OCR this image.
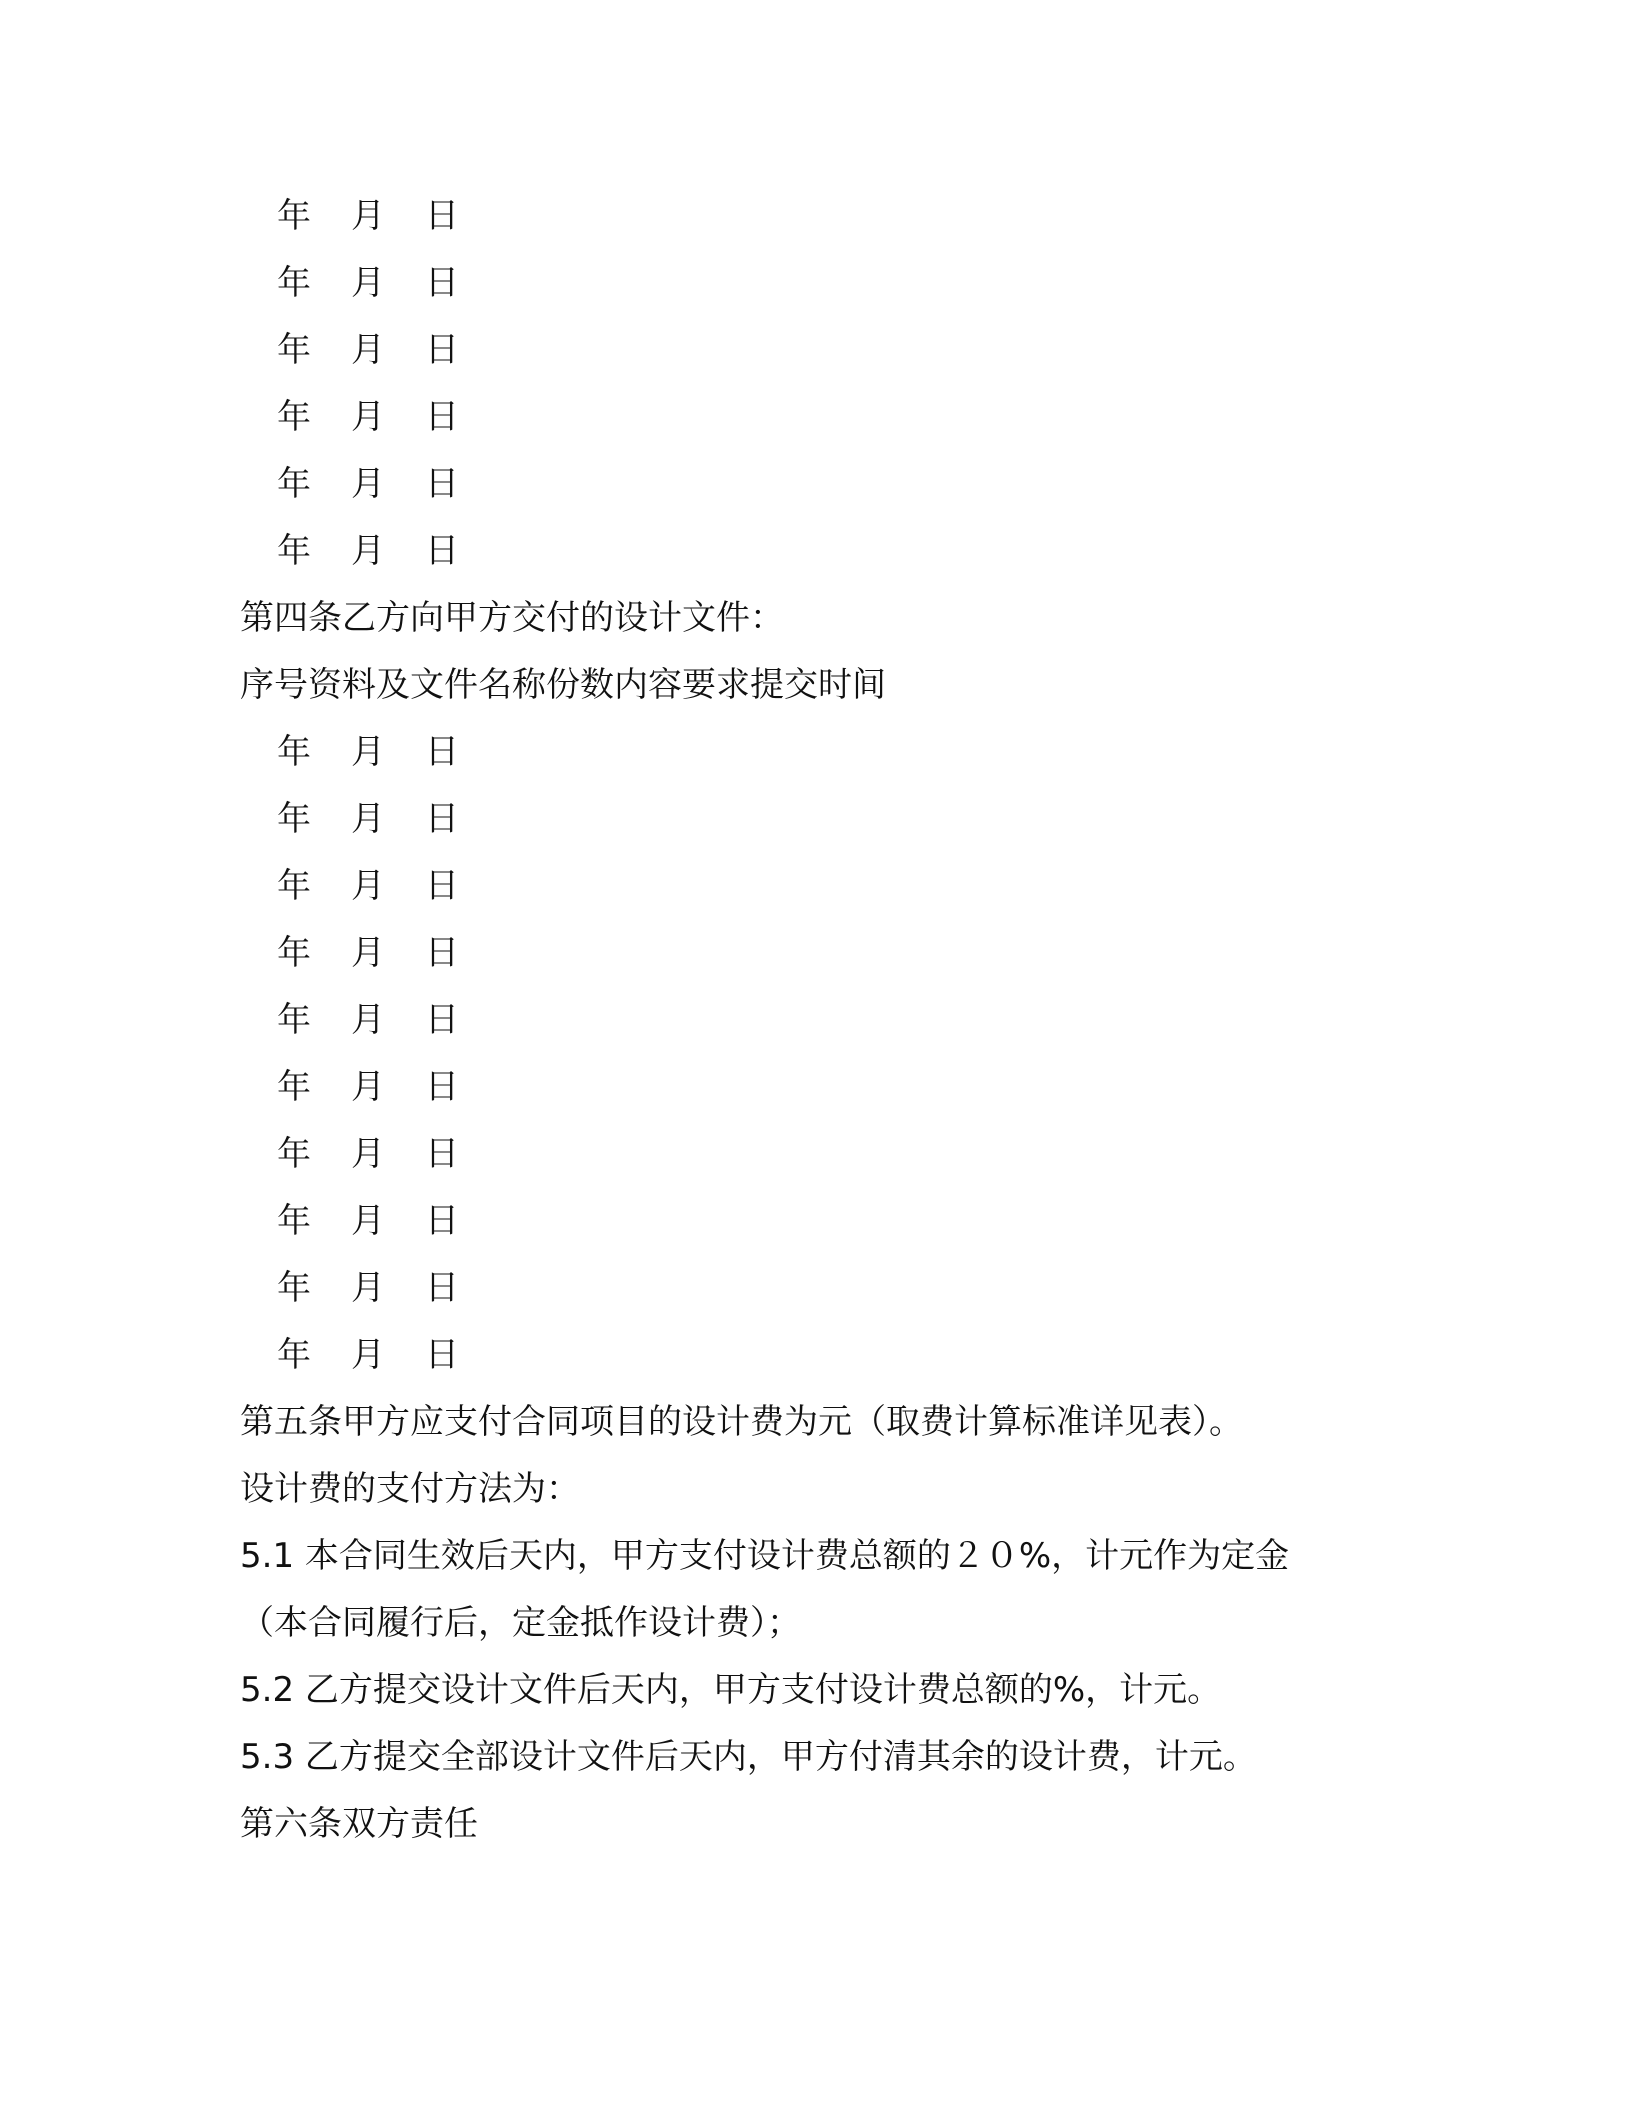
年 月 日
年 月 日
年 月 日
年 月 日
年 月 日
年 月 日
第四条乙方向甲方交付的设计文件：
序号资料及文件名称份数内容要求提交时间
年 月 日
年 月 日
年 月 日
年 月 日
年 月 日
年 月 日
年 月 日
年 月 日
年 月 日
年 月 日
第五条甲方应支付合同项目的设计费为元（取费计算标准详见表）。
设计费的支付方法为：
5.1 本合同生效后天内，甲方支付设计费总额的２０%，计元作为定金
（本合同履行后，定金抵作设计费）；
5.2 乙方提交设计文件后天内，甲方支付设计费总额的%，计元。
5.3 乙方提交全部设计文件后天内，甲方付清其余的设计费，计元。
第六条双方责任
